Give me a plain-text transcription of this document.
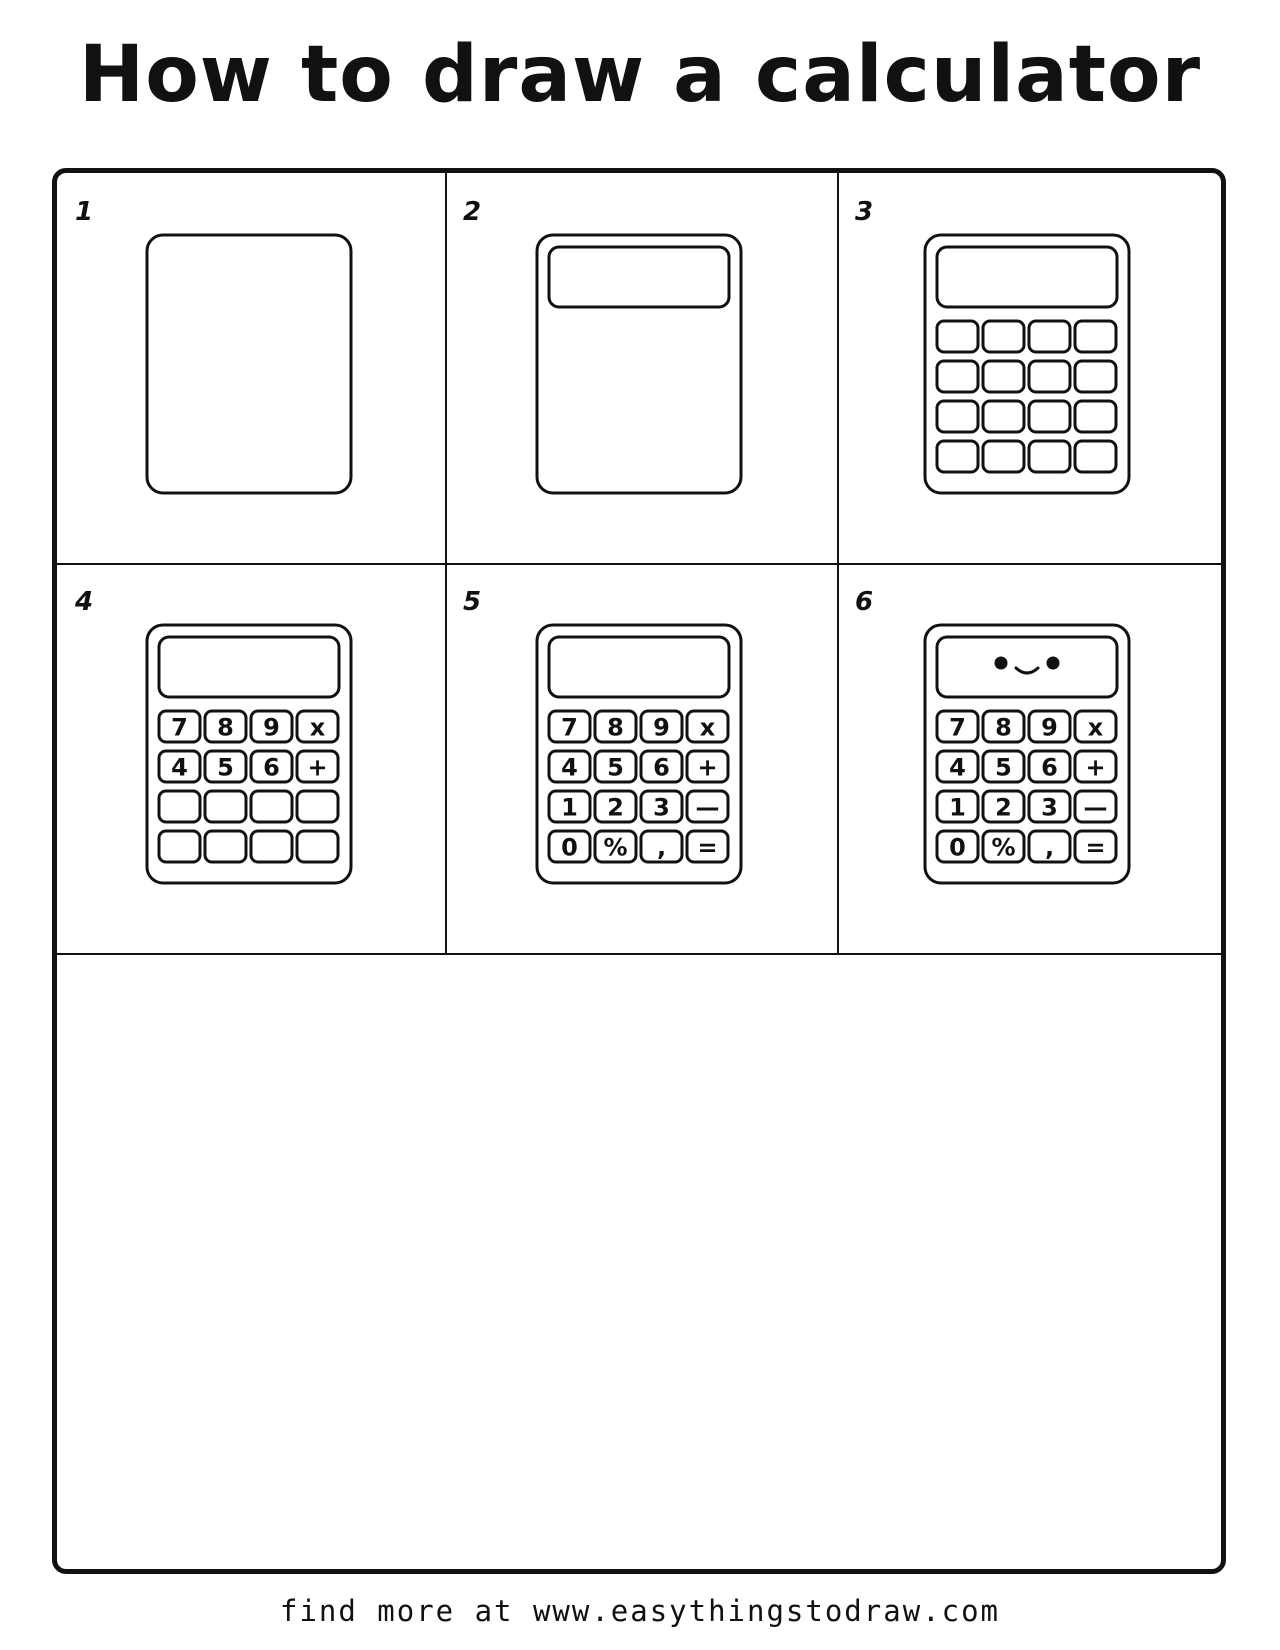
How to draw a calculator
1	2	3
4
7 8 9 x
4 5 6 +
5
7 8 9 x
4 5 6 +
1 2 3 —
0 % , =
6
7 8 9 x
4 5 6 +
1 2 3 —
0 % , =
find more at www.easythingstodraw.com
